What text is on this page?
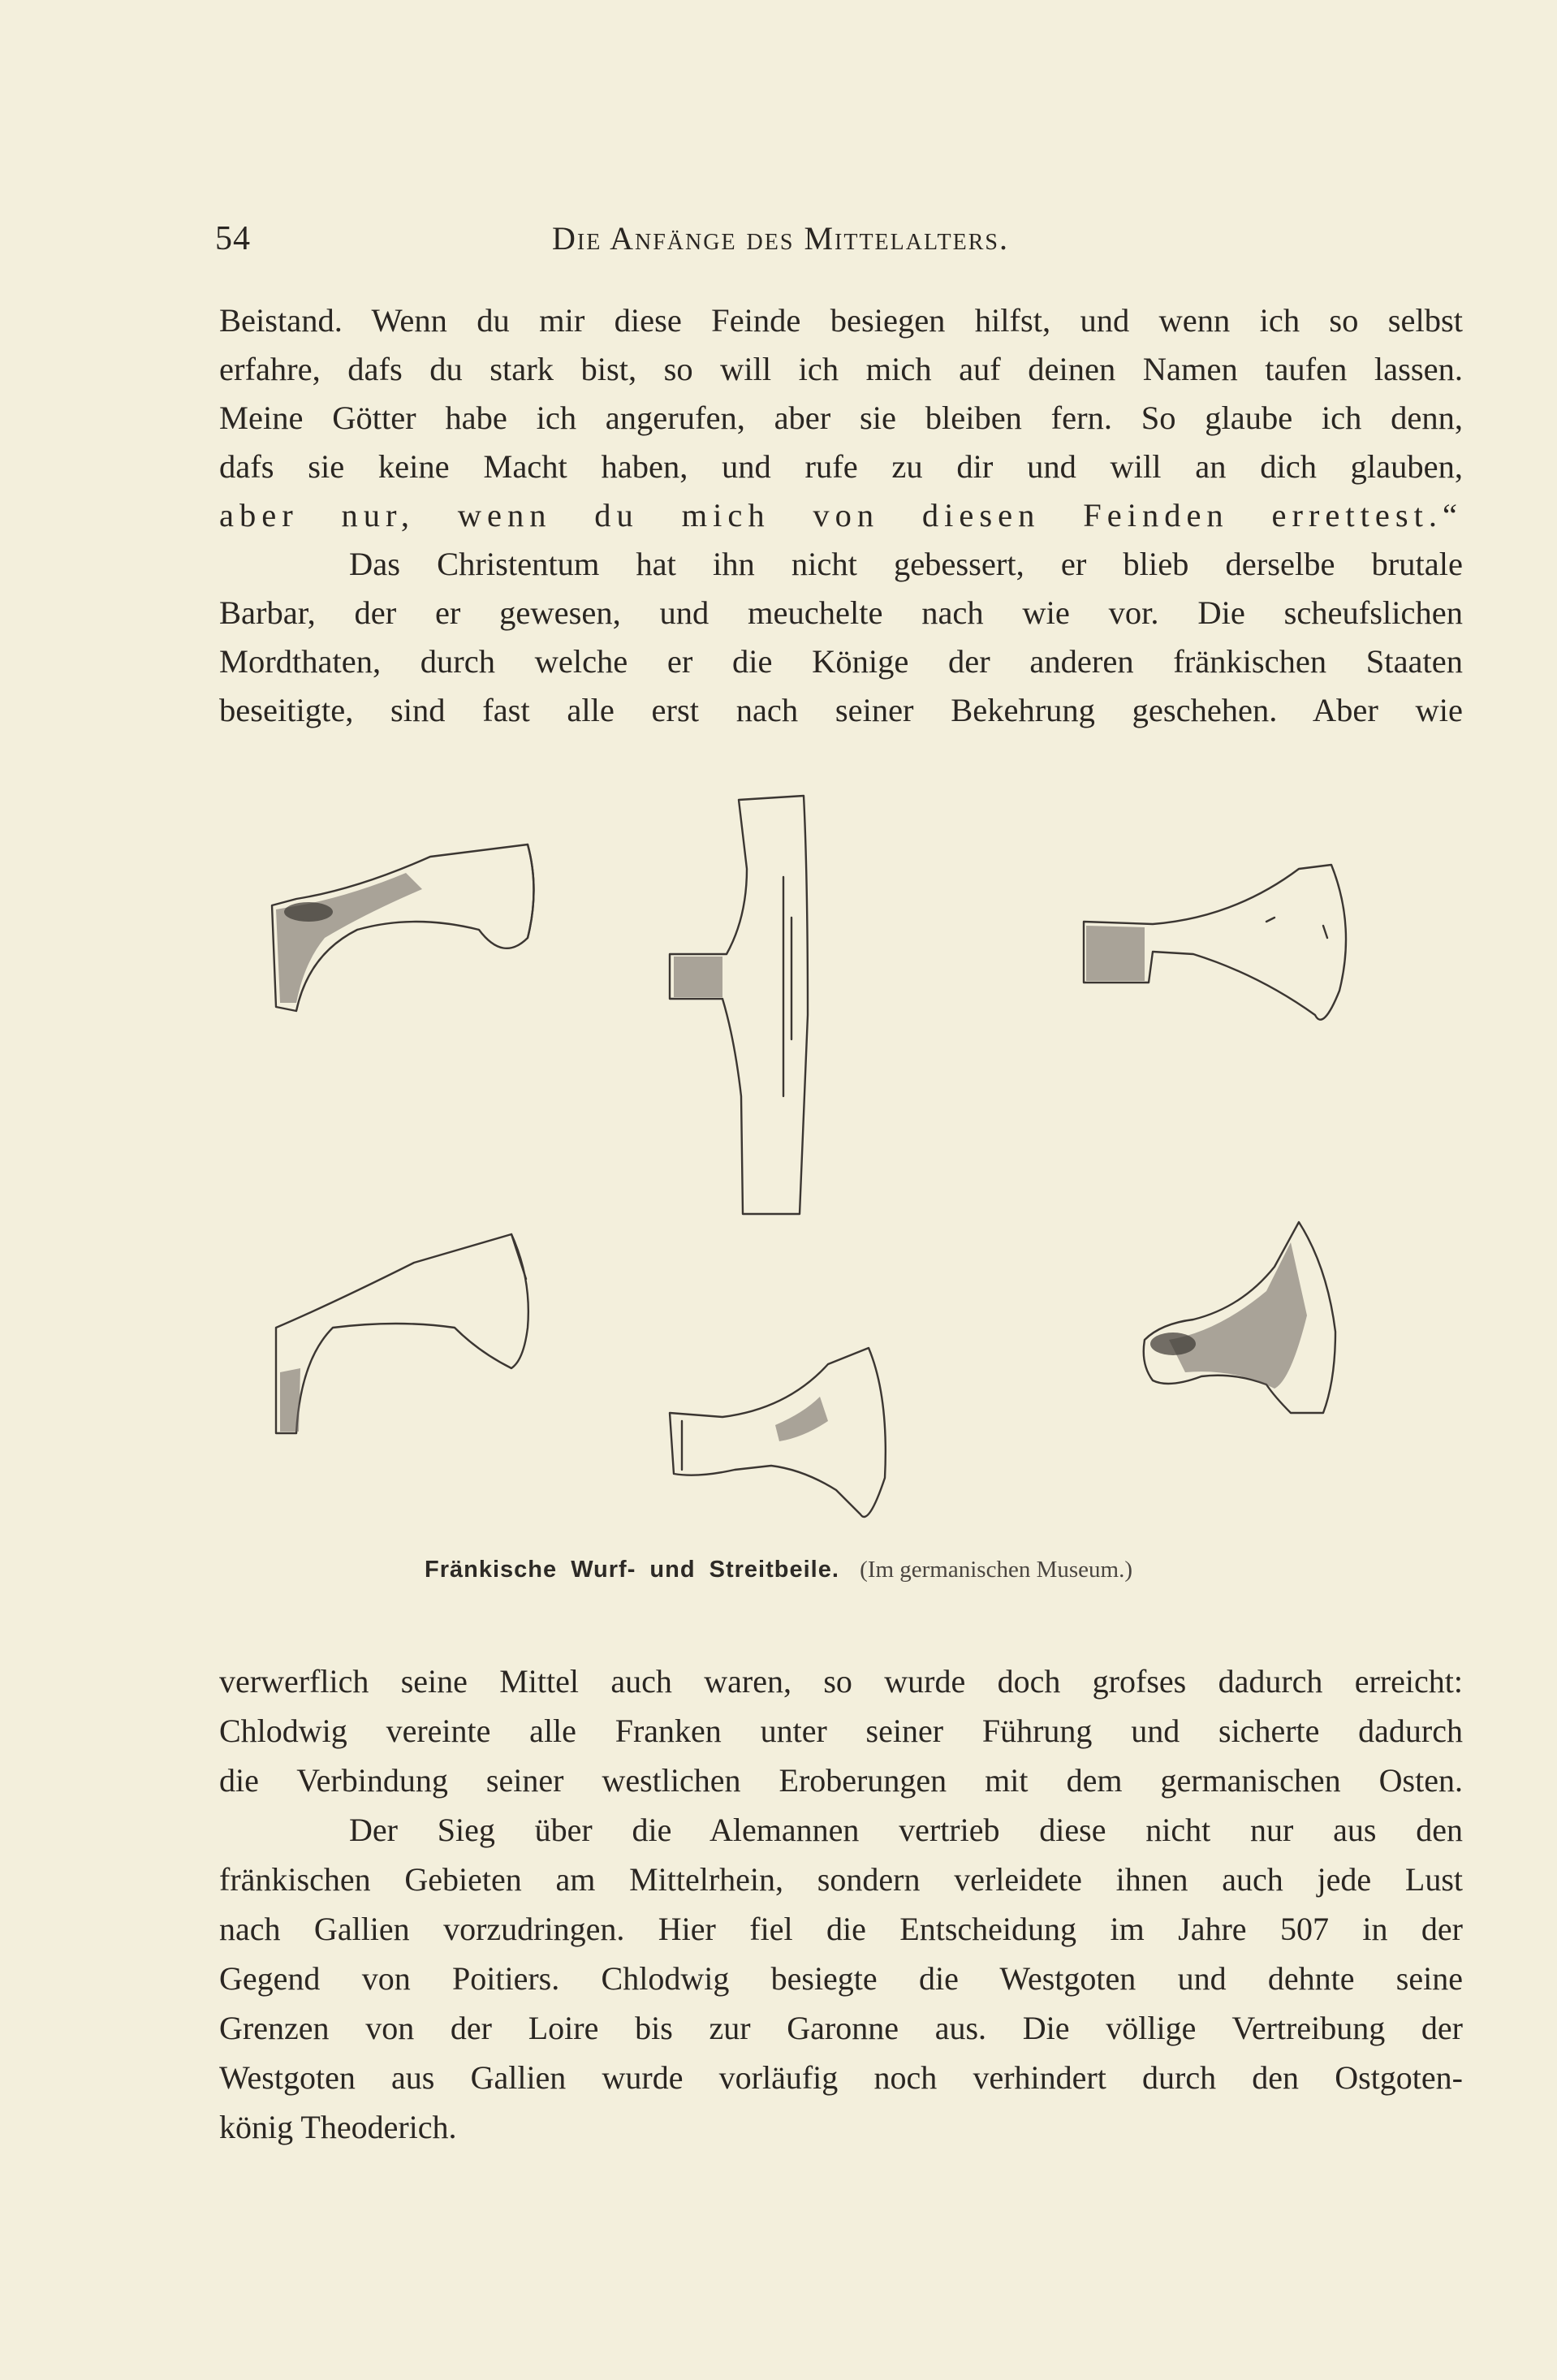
54	Die Anfänge des Mittelalters.
Beistand. Wenn du mir diese Feinde besiegen hilfst, und wenn ich so selbst
erfahre, dafs du stark bist, so will ich mich auf deinen Namen taufen lassen.
Meine Götter habe ich angerufen, aber sie bleiben fern. So glaube ich denn,
dafs sie keine Macht haben, und rufe zu dir und will an dich glauben,
aber nur, wenn du mich von diesen Feinden errettest.“
Das Christentum hat ihn nicht gebessert, er blieb derselbe brutale
Barbar, der er gewesen, und meuchelte nach wie vor. Die scheufslichen
Mordthaten, durch welche er die Könige der anderen fränkischen Staaten
beseitigte, sind fast alle erst nach seiner Bekehrung geschehen. Aber wie
Fränkische Wurf- und Streitbeile. (Im germanischen Museum.)
verwerflich seine Mittel auch waren, so wurde doch grofses dadurch erreicht:
Chlodwig vereinte alle Franken unter seiner Führung und sicherte dadurch
die Verbindung seiner westlichen Eroberungen mit dem germanischen Osten.
Der Sieg über die Alemannen vertrieb diese nicht nur aus den
fränkischen Gebieten am Mittelrhein, sondern verleidete ihnen auch jede Lust
nach Gallien vorzudringen. Hier fiel die Entscheidung im Jahre 507 in der
Gegend von Poitiers. Chlodwig besiegte die Westgoten und dehnte seine
Grenzen von der Loire bis zur Garonne aus. Die völlige Vertreibung der
Westgoten aus Gallien wurde vorläufig noch verhindert durch den Ostgoten-
könig Theoderich.
